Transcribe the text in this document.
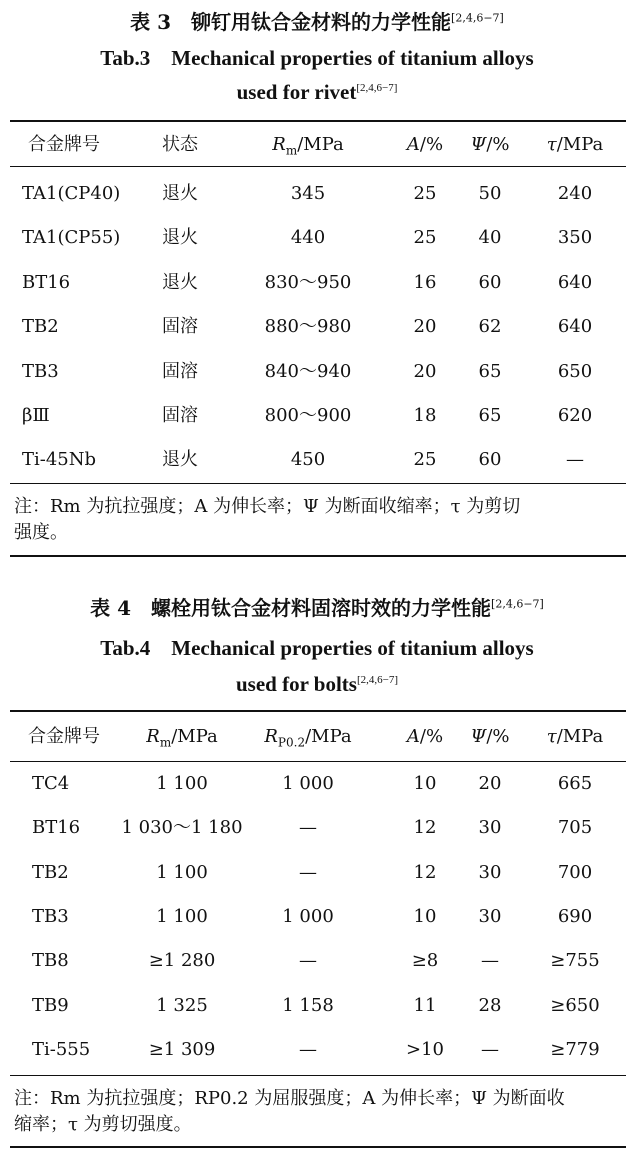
表 3　铆钉用钛合金材料的力学性能[2,4,6−7]
Tab.3　Mechanical properties of titanium alloys
used for rivet[2,4,6−7]
合金牌号	状态	$R_m$/MPa	A/% Ψ/% τ/MPa
TA1(CP40) 退火	345	25 50	240
TA1(CP55) 退火	440	25 40	350
BT16	退火	830～950	16 60	640
TB2	固溶	880～980	20 62	640
TB3	固溶	840～940	20 65	650
βⅢ	固溶	800～900	18 65	620
Ti-45Nb	退火	450	25 60	—
注：Rm 为抗拉强度；A 为伸长率；Ψ 为断面收缩率；τ 为剪切
强度。
表 4　螺栓用钛合金材料固溶时效的力学性能[2,4,6−7]
Tab.4　Mechanical properties of titanium alloys
used for bolts[2,4,6−7]
合金牌号	$R_m$/MPa	$R_{P0.2}$/MPa	A/% Ψ/% τ/MPa
TC4	1 100	1 000	10 20	665
BT16 1 030～1 180	—	12 30	705
TB2	1 100	—	12 30	700
TB3	1 100	1 000	10 30	690
TB8	≥1 280	—	≥8 —	≥755
TB9	1 325	1 158	11 28	≥650
Ti-555	≥1 309	—	>10 —	≥779
注：Rm 为抗拉强度；RP0.2 为屈服强度；A 为伸长率；Ψ 为断面收
缩率；τ 为剪切强度。
